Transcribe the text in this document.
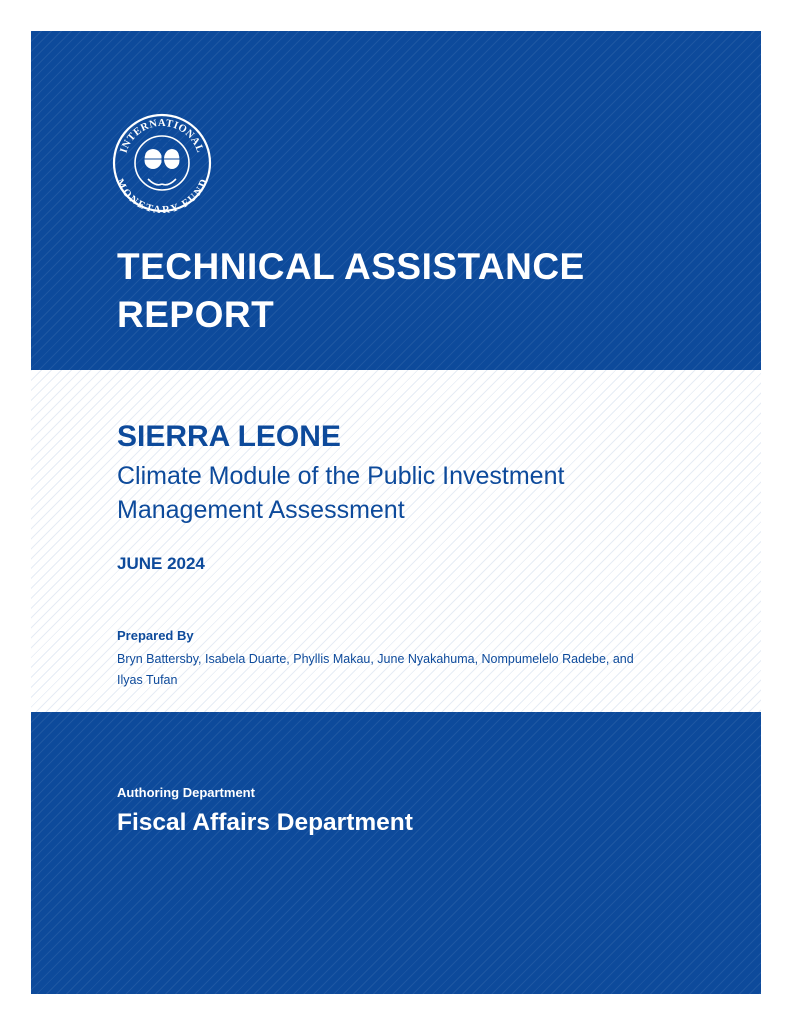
INTERNATIONAL
MONETARY FUND
TECHNICAL ASSISTANCE
REPORT
SIERRA LEONE

Climate Module of the Public Investment
Management Assessment

JUNE 2024

Prepared By

Bryn Battersby, Isabela Duarte, Phyllis Makau, June Nyakahuma, Nompumelelo Radebe, and
Ilyas Tufan

Authoring Department

Fiscal Affairs Department
